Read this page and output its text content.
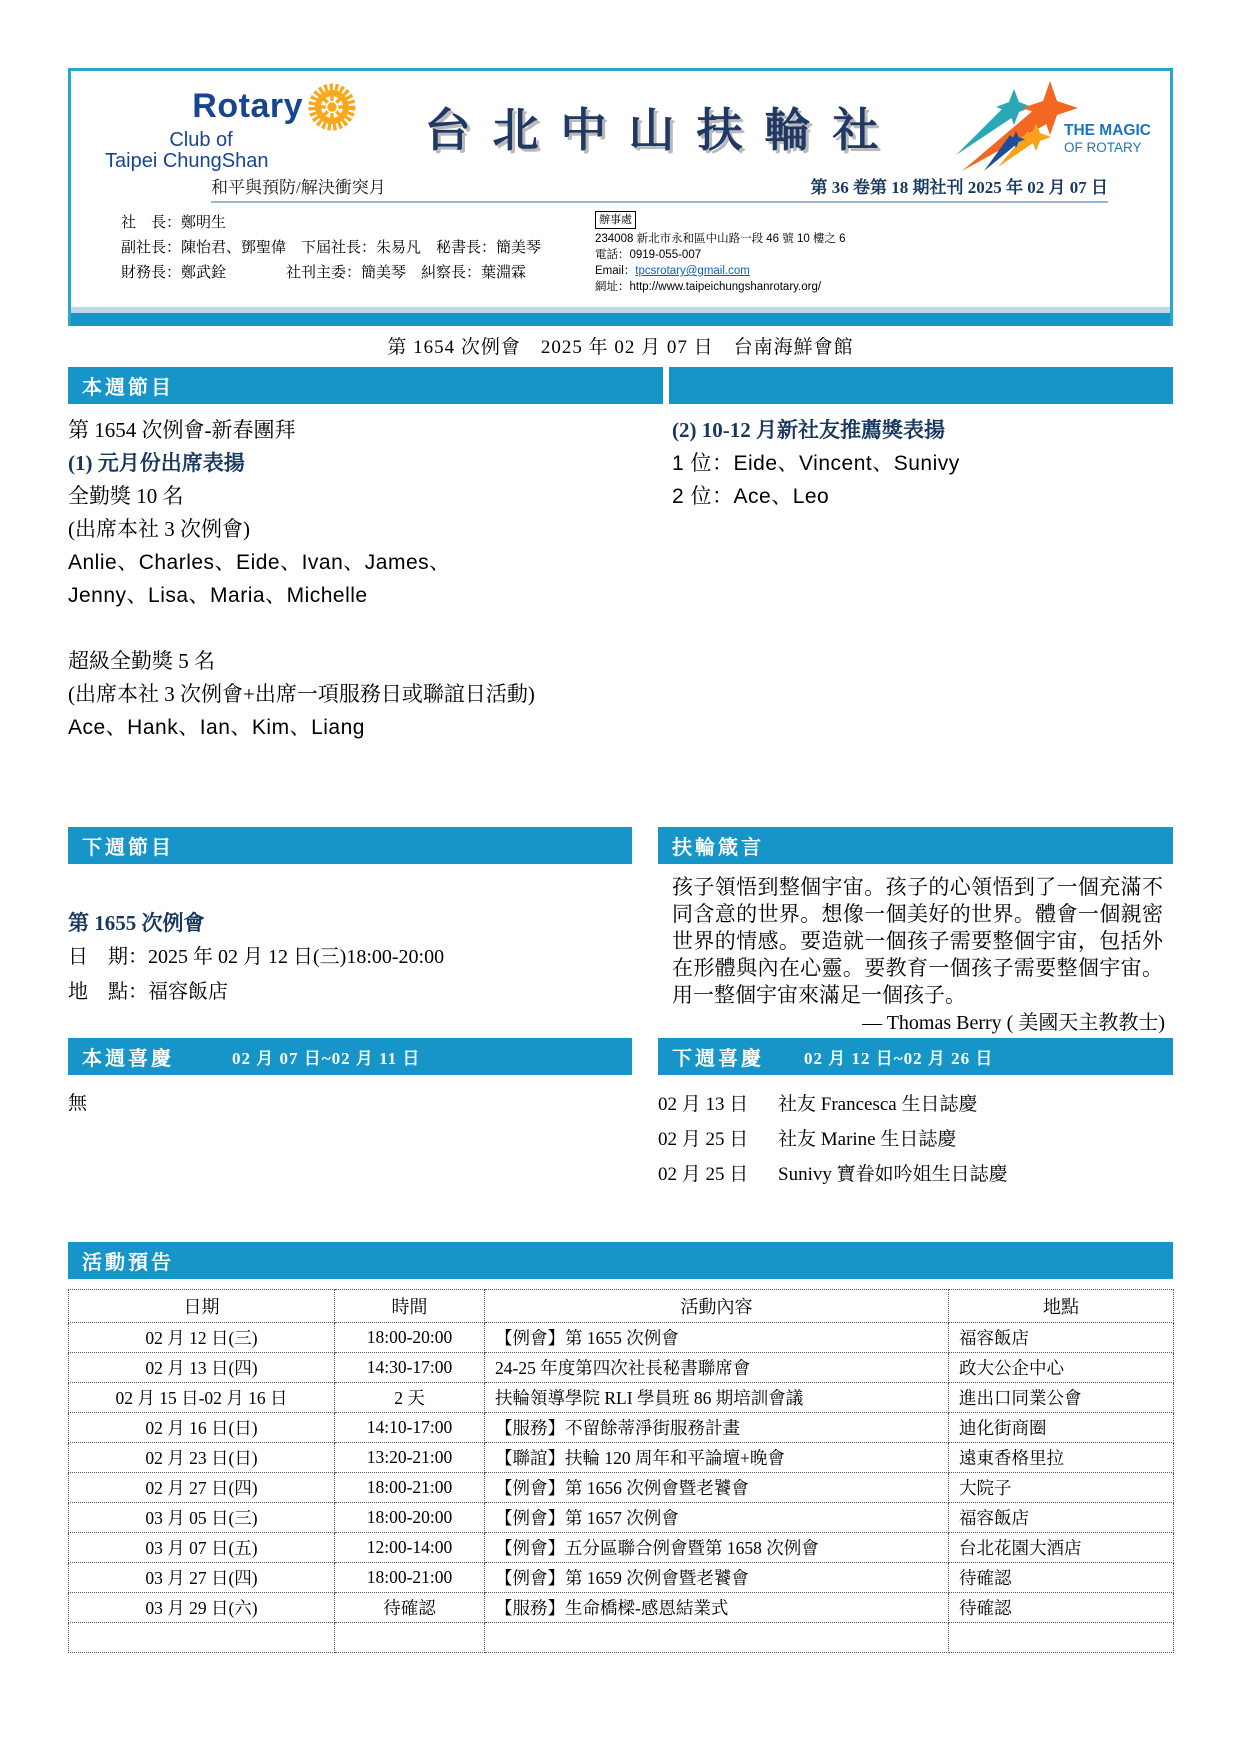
Rotary
Club of
Taipei ChungShan
台北中山扶輪社	THE MAGIC
OF ROTARY
和平與預防/解決衝突月	第 36 卷第 18 期社刊 2025 年 02 月 07 日
社　長：鄭明生
副社長：陳怡君、鄧聖偉　下屆社長：朱易凡　秘書長：簡美琴
財務長：鄭武銓　　　　社刊主委：簡美琴　糾察長：葉淵霖
辦事處
234008 新北市永和區中山路一段 46 號 10 樓之 6
電話：0919-055-007
Email：tpcsrotary@gmail.com
網址：http://www.taipeichungshanrotary.org/
第 1654 次例會　2025 年 02 月 07 日　台南海鮮會館
本週節目
第 1654 次例會-新春團拜
(1) 元月份出席表揚
全勤獎 10 名
(出席本社 3 次例會)
Anlie、Charles、Eide、Ivan、James、
Jenny、Lisa、Maria、Michelle
超級全勤獎 5 名
(出席本社 3 次例會+出席一項服務日或聯誼日活動)
Ace、Hank、Ian、Kim、Liang
(2) 10-12 月新社友推薦獎表揚
1 位：Eide、Vincent、Sunivy
2 位：Ace、Leo
下週節目
第 1655 次例會
日　期：2025 年 02 月 12 日(三)18:00-20:00
地　點：福容飯店
扶輪箴言

孩子領悟到整個宇宙。孩子的心領悟到了一個充滿不同含意的世界。想像一個美好的世界。體會一個親密世界的情感。要造就一個孩子需要整個宇宙，包括外在形體與內在心靈。要教育一個孩子需要整個宇宙。用一整個宇宙來滿足一個孩子。

— Thomas Berry ( 美國天主教教士)
本週喜慶	02 月 07 日~02 月 11 日
無
下週喜慶 02 月 12 日~02 月 26 日
02 月 13 日	社友 Francesca 生日誌慶
02 月 25 日	社友 Marine 生日誌慶
02 月 25 日	Sunivy 寶眷如吟姐生日誌慶
活動預告
日期	時間	活動內容	地點
02 月 12 日(三)	18:00-20:00	【例會】第 1655 次例會	福容飯店
02 月 13 日(四)	14:30-17:00	24-25 年度第四次社長秘書聯席會	政大公企中心
02 月 15 日-02 月 16 日	2 天	扶輪領導學院 RLI 學員班 86 期培訓會議	進出口同業公會
02 月 16 日(日)	14:10-17:00	【服務】不留餘蒂淨街服務計畫	迪化街商圈
02 月 23 日(日)	13:20-21:00	【聯誼】扶輪 120 周年和平論壇+晚會	遠東香格里拉
02 月 27 日(四)	18:00-21:00	【例會】第 1656 次例會暨老饕會	大院子
03 月 05 日(三)	18:00-20:00	【例會】第 1657 次例會	福容飯店
03 月 07 日(五)	12:00-14:00	【例會】五分區聯合例會暨第 1658 次例會	台北花園大酒店
03 月 27 日(四)	18:00-21:00	【例會】第 1659 次例會暨老饕會	待確認
03 月 29 日(六)	待確認	【服務】生命橋樑-感恩結業式	待確認
